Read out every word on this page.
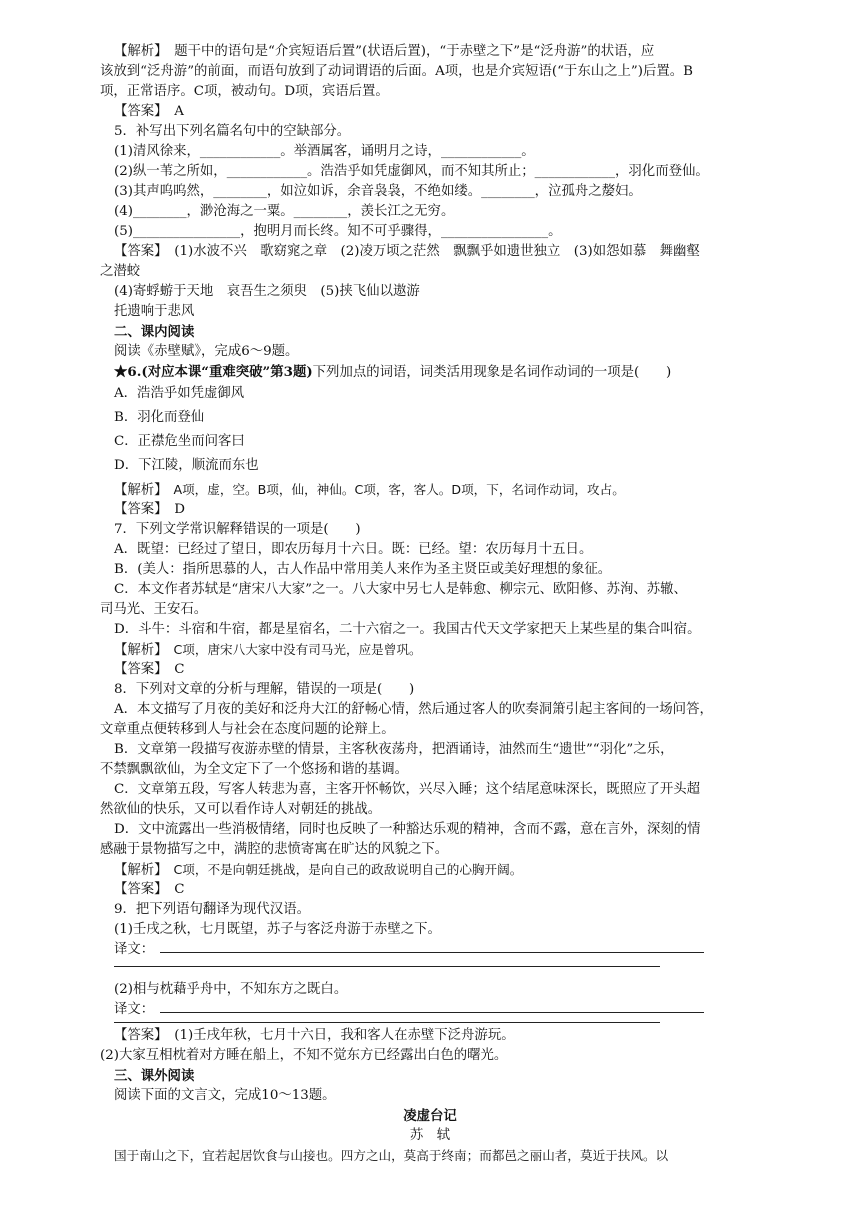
【解析】　题干中的语句是“介宾短语后置”(状语后置)，“于赤壁之下”是“泛舟游”的状语，应
该放到“泛舟游”的前面，而语句放到了动词谓语的后面。A项，也是介宾短语(“于东山之上”)后置。B
项，正常语序。C项，被动句。D项，宾语后置。
【答案】　A
5．补写出下列名篇名句中的空缺部分。
(1)清风徐来，____________。举酒属客，诵明月之诗，____________。
(2)纵一苇之所如，____________。浩浩乎如凭虚御风，而不知其所止；____________，羽化而登仙。
(3)其声呜呜然，________，如泣如诉，余音袅袅，不绝如缕。________，泣孤舟之嫠妇。
(4)________，渺沧海之一粟。________，羡长江之无穷。
(5)________________，抱明月而长终。知不可乎骤得，________________。
【答案】　(1)水波不兴　歌窈窕之章　(2)凌万顷之茫然　飘飘乎如遗世独立　(3)如怨如慕　舞幽壑
之潜蛟
(4)寄蜉蝣于天地　哀吾生之须臾　(5)挟飞仙以遨游
托遗响于悲风
二、课内阅读
阅读《赤壁赋》，完成6～9题。
★6.(对应本课“重难突破”第3题)下列加点的词语，词类活用现象是名词作动词的一项是(　　)
A．浩浩乎如凭虚御风
B．羽化而登仙
C．正襟危坐而问客曰
D．下江陵，顺流而东也
【解析】　A项，虚，空。B项，仙，神仙。C项，客，客人。D项，下，名词作动词，攻占。
【答案】　D
7．下列文学常识解释错误的一项是(　　)
A．既望：已经过了望日，即农历每月十六日。既：已经。望：农历每月十五日。
B．(美人：指所思慕的人，古人作品中常用美人来作为圣主贤臣或美好理想的象征。
C．本文作者苏轼是“唐宋八大家”之一。八大家中另七人是韩愈、柳宗元、欧阳修、苏洵、苏辙、
司马光、王安石。
D．斗牛：斗宿和牛宿，都是星宿名，二十六宿之一。我国古代天文学家把天上某些星的集合叫宿。
【解析】　C项，唐宋八大家中没有司马光，应是曾巩。
【答案】　C
8．下列对文章的分析与理解，错误的一项是(　　)
A．本文描写了月夜的美好和泛舟大江的舒畅心情，然后通过客人的吹奏洞箫引起主客间的一场问答，
文章重点便转移到人与社会在态度问题的论辩上。
B．文章第一段描写夜游赤壁的情景，主客秋夜荡舟，把酒诵诗，油然而生“遗世”“羽化”之乐，
不禁飘飘欲仙，为全文定下了一个悠扬和谐的基调。
C．文章第五段，写客人转悲为喜，主客开怀畅饮，兴尽入睡；这个结尾意味深长，既照应了开头超
然欲仙的快乐，又可以看作诗人对朝廷的挑战。
D．文中流露出一些消极情绪，同时也反映了一种豁达乐观的精神，含而不露，意在言外，深刻的情
感融于景物描写之中，满腔的悲愤寄寓在旷达的风貌之下。
【解析】　C项，不是向朝廷挑战，是向自己的政敌说明自己的心胸开阔。
【答案】　C
9．把下列语句翻译为现代汉语。
(1)壬戌之秋，七月既望，苏子与客泛舟游于赤壁之下。
译文：
(2)相与枕藉乎舟中，不知东方之既白。
译文：
【答案】　(1)壬戌年秋，七月十六日，我和客人在赤壁下泛舟游玩。
(2)大家互相枕着对方睡在船上，不知不觉东方已经露出白色的曙光。
三、课外阅读
阅读下面的文言文，完成10～13题。
凌虚台记
苏　轼
国于南山之下，宜若起居饮食与山接也。四方之山，莫高于终南；而都邑之丽山者，莫近于扶风。以
